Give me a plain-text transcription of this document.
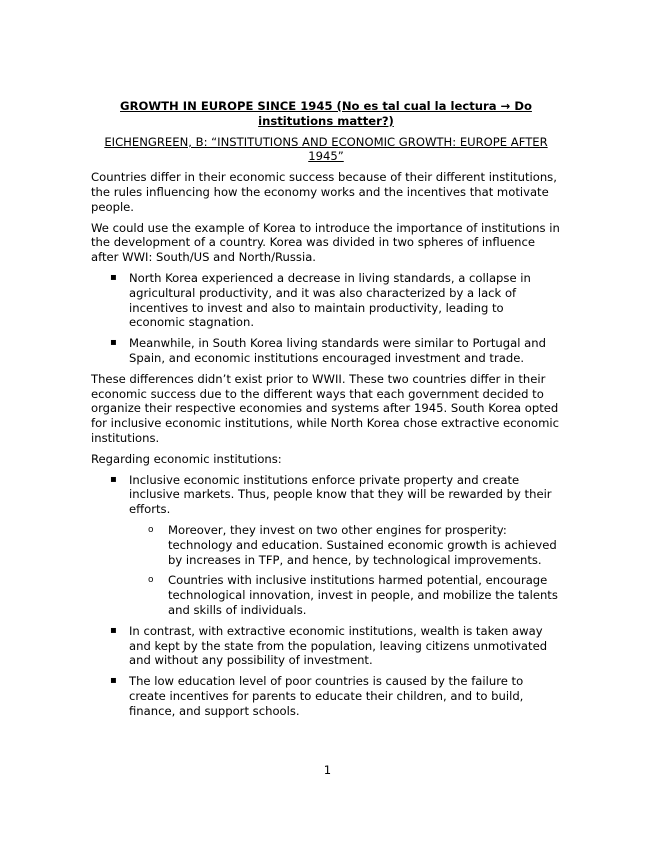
GROWTH IN EUROPE SINCE 1945 (No es tal cual la lectura → Do institutions matter?)
EICHENGREEN, B: “INSTITUTIONS AND ECONOMIC GROWTH: EUROPE AFTER 1945”

Countries differ in their economic success because of their different institutions, the rules influencing how the economy works and the incentives that motivate people.

We could use the example of Korea to introduce the importance of institutions in the development of a country. Korea was divided in two spheres of influence after WWI: South/US and North/Russia.

▪ North Korea experienced a decrease in living standards, a collapse in agricultural productivity, and it was also characterized by a lack of incentives to invest and also to maintain productivity, leading to economic stagnation.
▪ Meanwhile, in South Korea living standards were similar to Portugal and Spain, and economic institutions encouraged investment and trade.

These differences didn’t exist prior to WWII. These two countries differ in their economic success due to the different ways that each government decided to organize their respective economies and systems after 1945. South Korea opted for inclusive economic institutions, while North Korea chose extractive economic institutions.

Regarding economic institutions:

▪ Inclusive economic institutions enforce private property and create inclusive markets. Thus, people know that they will be rewarded by their efforts.
o Moreover, they invest on two other engines for prosperity: technology and education. Sustained economic growth is achieved by increases in TFP, and hence, by technological improvements.
o Countries with inclusive institutions harmed potential, encourage technological innovation, invest in people, and mobilize the talents and skills of individuals.
▪ In contrast, with extractive economic institutions, wealth is taken away and kept by the state from the population, leaving citizens unmotivated and without any possibility of investment.
▪ The low education level of poor countries is caused by the failure to create incentives for parents to educate their children, and to build, finance, and support schools.
1
